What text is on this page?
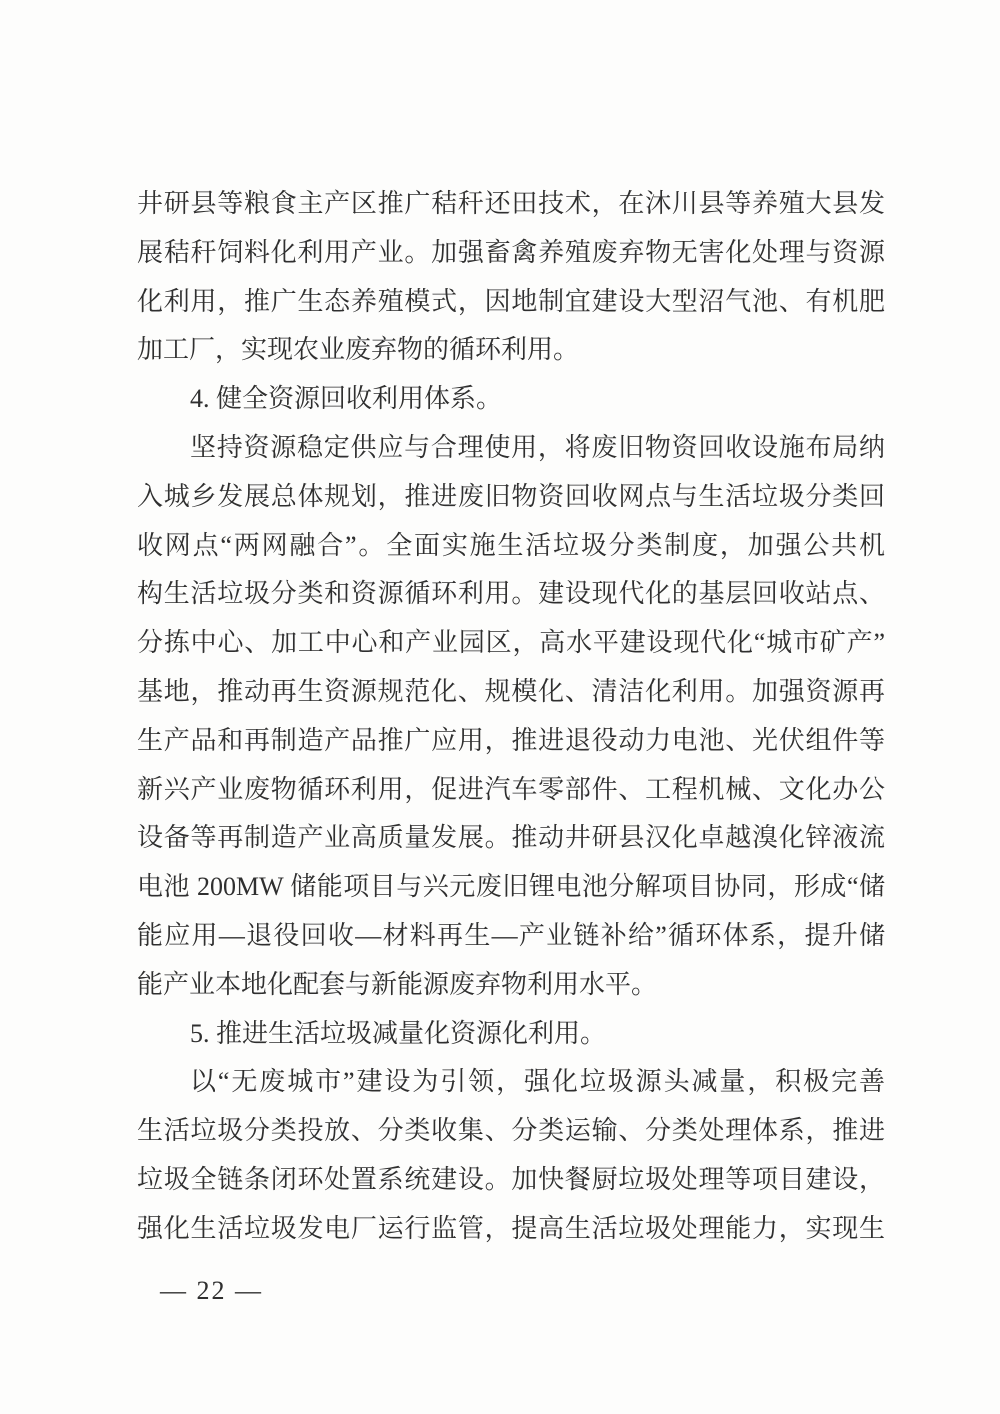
井研县等粮食主产区推广秸秆还田技术，在沐川县等养殖大县发
展秸秆饲料化利用产业。加强畜禽养殖废弃物无害化处理与资源
化利用，推广生态养殖模式，因地制宜建设大型沼气池、有机肥
加工厂，实现农业废弃物的循环利用。
4. 健全资源回收利用体系。
坚持资源稳定供应与合理使用，将废旧物资回收设施布局纳
入城乡发展总体规划，推进废旧物资回收网点与生活垃圾分类回
收网点“两网融合”。全面实施生活垃圾分类制度，加强公共机
构生活垃圾分类和资源循环利用。建设现代化的基层回收站点、
分拣中心、加工中心和产业园区，高水平建设现代化“城市矿产”
基地，推动再生资源规范化、规模化、清洁化利用。加强资源再
生产品和再制造产品推广应用，推进退役动力电池、光伏组件等
新兴产业废物循环利用，促进汽车零部件、工程机械、文化办公
设备等再制造产业高质量发展。推动井研县汉化卓越溴化锌液流
电池 200MW 储能项目与兴元废旧锂电池分解项目协同，形成“储
能应用—退役回收—材料再生—产业链补给”循环体系，提升储
能产业本地化配套与新能源废弃物利用水平。
5. 推进生活垃圾减量化资源化利用。
以“无废城市”建设为引领，强化垃圾源头减量，积极完善
生活垃圾分类投放、分类收集、分类运输、分类处理体系，推进
垃圾全链条闭环处置系统建设。加快餐厨垃圾处理等项目建设，
强化生活垃圾发电厂运行监管，提高生活垃圾处理能力，实现生
— 22 —
